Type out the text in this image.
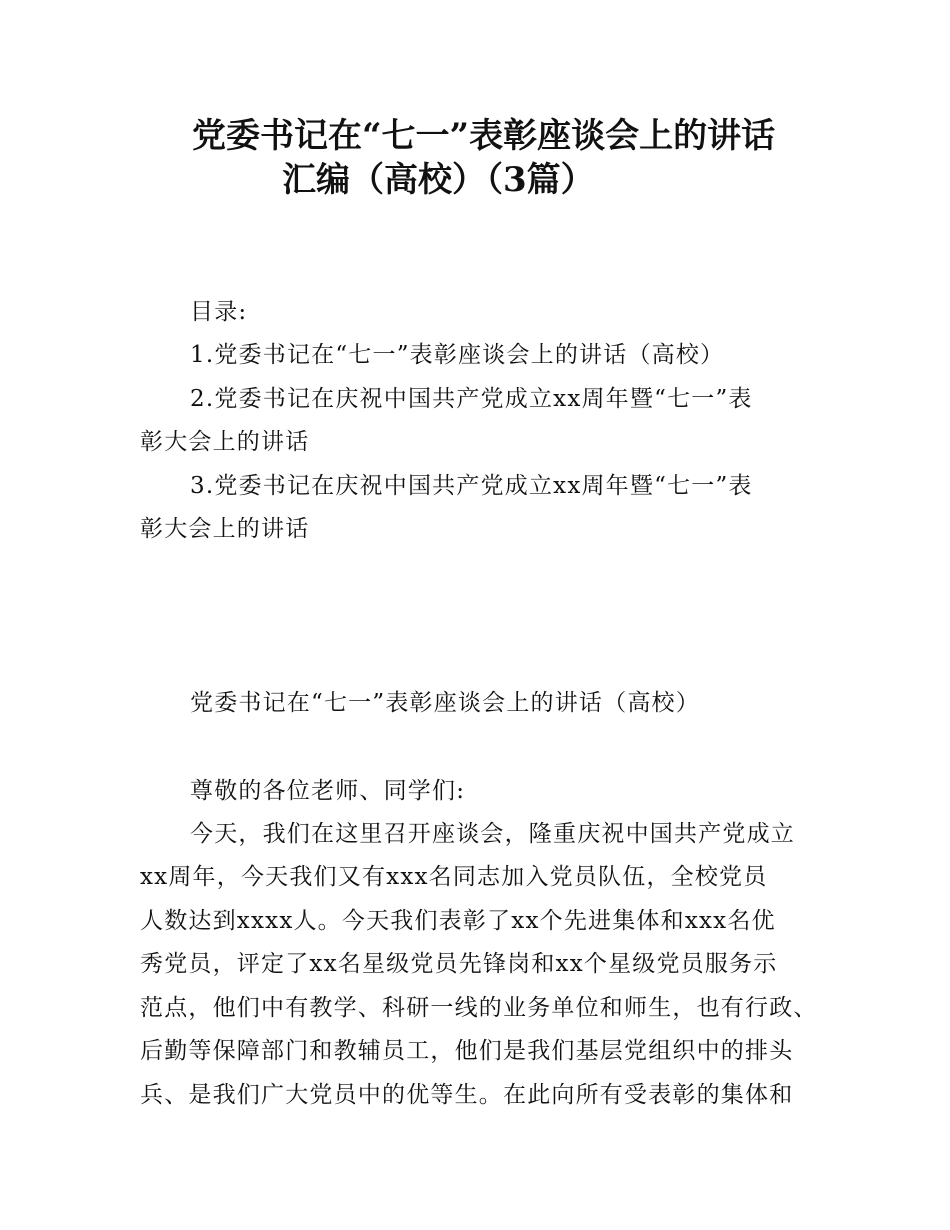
党委书记在“七一”表彰座谈会上的讲话
汇编（高校）（3篇）

目录:

1.党委书记在“七一”表彰座谈会上的讲话（高校）

2.党委书记在庆祝中国共产党成立xx周年暨“七一”表

彰大会上的讲话

3.党委书记在庆祝中国共产党成立xx周年暨“七一”表

彰大会上的讲话

党委书记在“七一”表彰座谈会上的讲话（高校）

尊敬的各位老师、同学们:

今天，我们在这里召开座谈会，隆重庆祝中国共产党成立

xx周年，今天我们又有xxx名同志加入党员队伍，全校党员

人数达到xxxx人。今天我们表彰了xx个先进集体和xxx名优

秀党员，评定了xx名星级党员先锋岗和xx个星级党员服务示

范点，他们中有教学、科研一线的业务单位和师生，也有行政、

后勤等保障部门和教辅员工，他们是我们基层党组织中的排头

兵、是我们广大党员中的优等生。在此向所有受表彰的集体和
